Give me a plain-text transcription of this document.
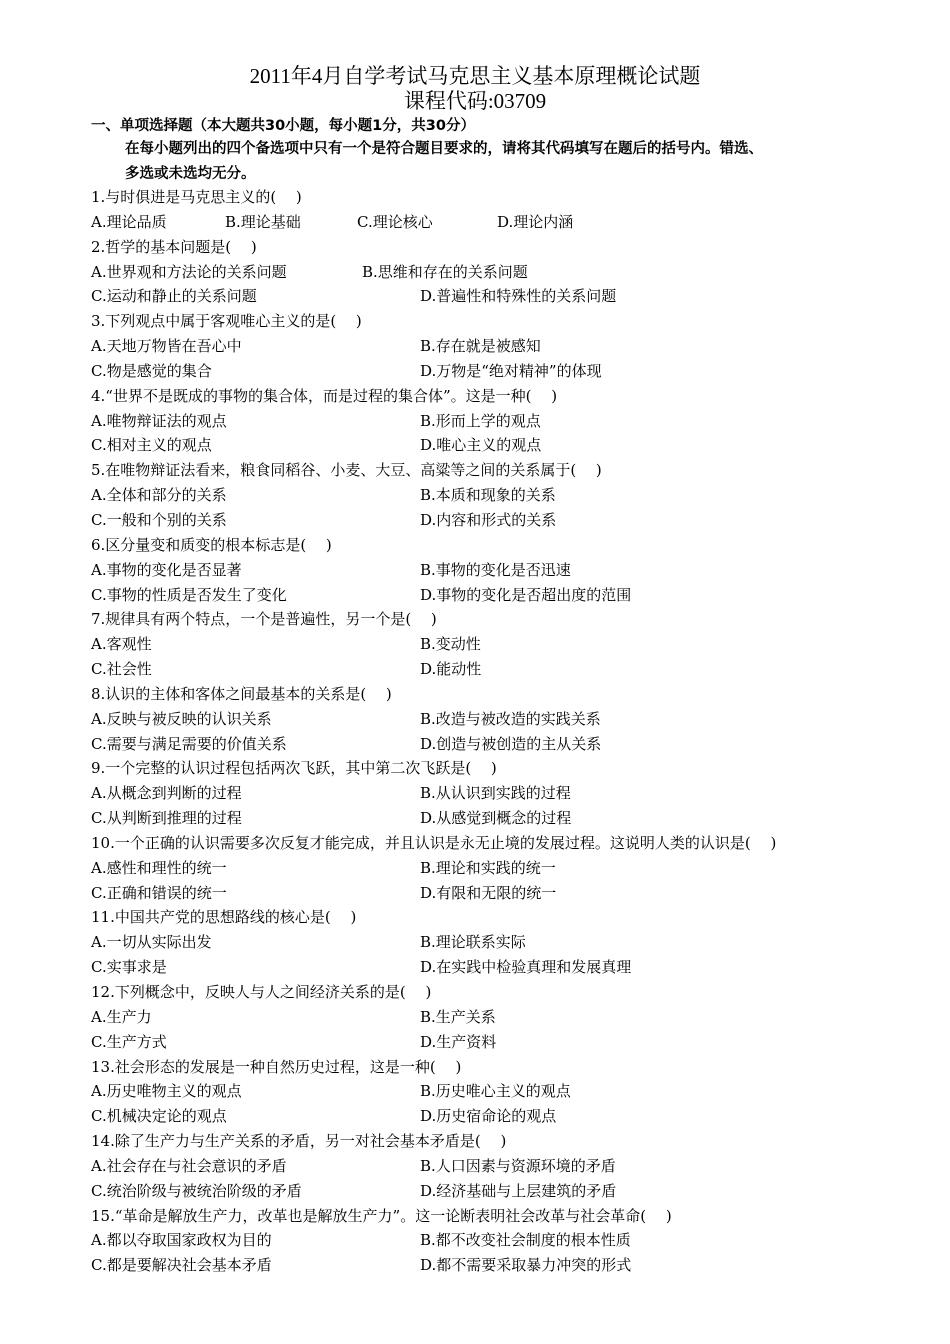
2011年4月自学考试马克思主义基本原理概论试题
课程代码:03709
一、单项选择题（本大题共30小题，每小题1分，共30分）
在每小题列出的四个备选项中只有一个是符合题目要求的，请将其代码填写在题后的括号内。错选、
多选或未选均无分。
1.与时俱进是马克思主义的(　 )
A.理论品质	B.理论基础	C.理论核心	D.理论内涵
2.哲学的基本问题是(　 )
A.世界观和方法论的关系问题	B.思维和存在的关系问题
C.运动和静止的关系问题	D.普遍性和特殊性的关系问题
3.下列观点中属于客观唯心主义的是(　 )
A.天地万物皆在吾心中	B.存在就是被感知
C.物是感觉的集合	D.万物是“绝对精神”的体现
4.“世界不是既成的事物的集合体，而是过程的集合体”。这是一种(　 )
A.唯物辩证法的观点	B.形而上学的观点
C.相对主义的观点	D.唯心主义的观点
5.在唯物辩证法看来，粮食同稻谷、小麦、大豆、高粱等之间的关系属于(　 )
A.全体和部分的关系	B.本质和现象的关系
C.一般和个别的关系	D.内容和形式的关系
6.区分量变和质变的根本标志是(　 )
A.事物的变化是否显著	B.事物的变化是否迅速
C.事物的性质是否发生了变化	D.事物的变化是否超出度的范围
7.规律具有两个特点，一个是普遍性，另一个是(　 )
A.客观性	B.变动性
C.社会性	D.能动性
8.认识的主体和客体之间最基本的关系是(　 )
A.反映与被反映的认识关系	B.改造与被改造的实践关系
C.需要与满足需要的价值关系	D.创造与被创造的主从关系
9.一个完整的认识过程包括两次飞跃，其中第二次飞跃是(　 )
A.从概念到判断的过程	B.从认识到实践的过程
C.从判断到推理的过程	D.从感觉到概念的过程
10.一个正确的认识需要多次反复才能完成，并且认识是永无止境的发展过程。这说明人类的认识是(　 )
A.感性和理性的统一	B.理论和实践的统一
C.正确和错误的统一	D.有限和无限的统一
11.中国共产党的思想路线的核心是(　 )
A.一切从实际出发	B.理论联系实际
C.实事求是	D.在实践中检验真理和发展真理
12.下列概念中，反映人与人之间经济关系的是(　 )
A.生产力	B.生产关系
C.生产方式	D.生产资料
13.社会形态的发展是一种自然历史过程，这是一种(　 )
A.历史唯物主义的观点	B.历史唯心主义的观点
C.机械决定论的观点	D.历史宿命论的观点
14.除了生产力与生产关系的矛盾，另一对社会基本矛盾是(　 )
A.社会存在与社会意识的矛盾	B.人口因素与资源环境的矛盾
C.统治阶级与被统治阶级的矛盾	D.经济基础与上层建筑的矛盾
15.“革命是解放生产力，改革也是解放生产力”。这一论断表明社会改革与社会革命(　 )
A.都以夺取国家政权为目的	B.都不改变社会制度的根本性质
C.都是要解决社会基本矛盾	D.都不需要采取暴力冲突的形式
